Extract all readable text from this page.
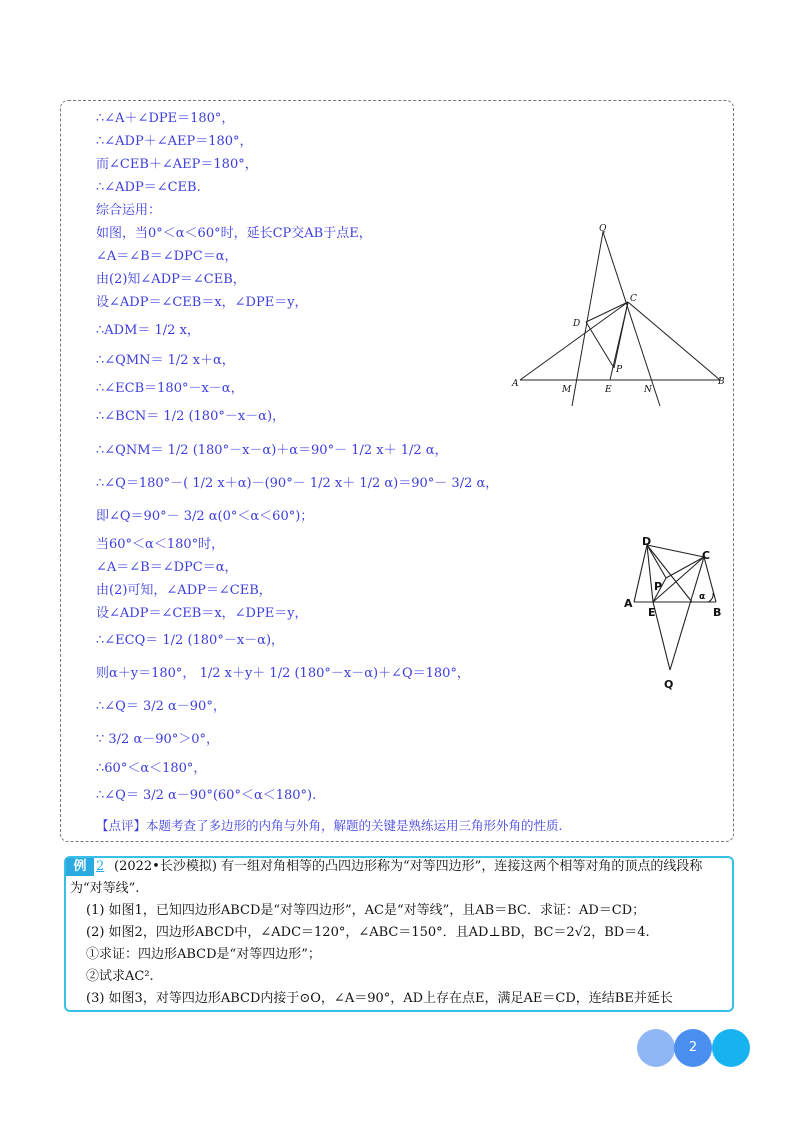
∴∠A＋∠DPE＝180°，
∴∠ADP＋∠AEP＝180°，
而∠CEB＋∠AEP＝180°，
∴∠ADP＝∠CEB.
综合运用：
如图，当0°＜α＜60°时，延长CP交AB于点E，
∠A＝∠B＝∠DPC＝α，
由(2)知∠ADP＝∠CEB，
设∠ADP＝∠CEB＝x，∠DPE＝y，
∴ADM＝ 1/2 x，
∴∠QMN＝ 1/2 x＋α，
∴∠ECB＝180°－x－α，
∴∠BCN＝ 1/2 (180°－x－α)，
∴∠QNM＝ 1/2 (180°－x－α)＋α＝90°－ 1/2 x＋ 1/2 α，
∴∠Q＝180°－( 1/2 x＋α)－(90°－ 1/2 x＋ 1/2 α)＝90°－ 3/2 α，
即∠Q＝90°－ 3/2 α(0°＜α＜60°)；
当60°＜α＜180°时，
∠A＝∠B＝∠DPC＝α，
由(2)可知，∠ADP＝∠CEB，
设∠ADP＝∠CEB＝x，∠DPE＝y，
∴∠ECQ＝ 1/2 (180°－x－α)，
则α＋y＝180°， 1/2 x＋y＋ 1/2 (180°－x－α)＋∠Q＝180°，
∴∠Q＝ 3/2 α－90°，
∵ 3/2 α－90°＞0°，
∴60°＜α＜180°，
∴∠Q＝ 3/2 α－90°(60°＜α＜180°).
【点评】本题考查了多边形的内角与外角，解题的关键是熟练运用三角形外角的性质.
Q
C
D
P
A
M	E	N
B
D
C
P
A
E
α
B
Q
例 2 (2022•长沙模拟) 有一组对角相等的凸四边形称为“对等四边形”，连接这两个相等对角的顶点的线段称
为“对等线”.
(1) 如图1，已知四边形ABCD是“对等四边形”，AC是“对等线”，且AB＝BC．求证：AD＝CD；
(2) 如图2，四边形ABCD中，∠ADC＝120°，∠ABC＝150°．且AD⊥BD，BC＝2√2，BD＝4.
①求证：四边形ABCD是“对等四边形”；
②试求AC².
(3) 如图3，对等四边形ABCD内接于⊙O，∠A＝90°，AD上存在点E，满足AE＝CD，连结BE并延长
2
